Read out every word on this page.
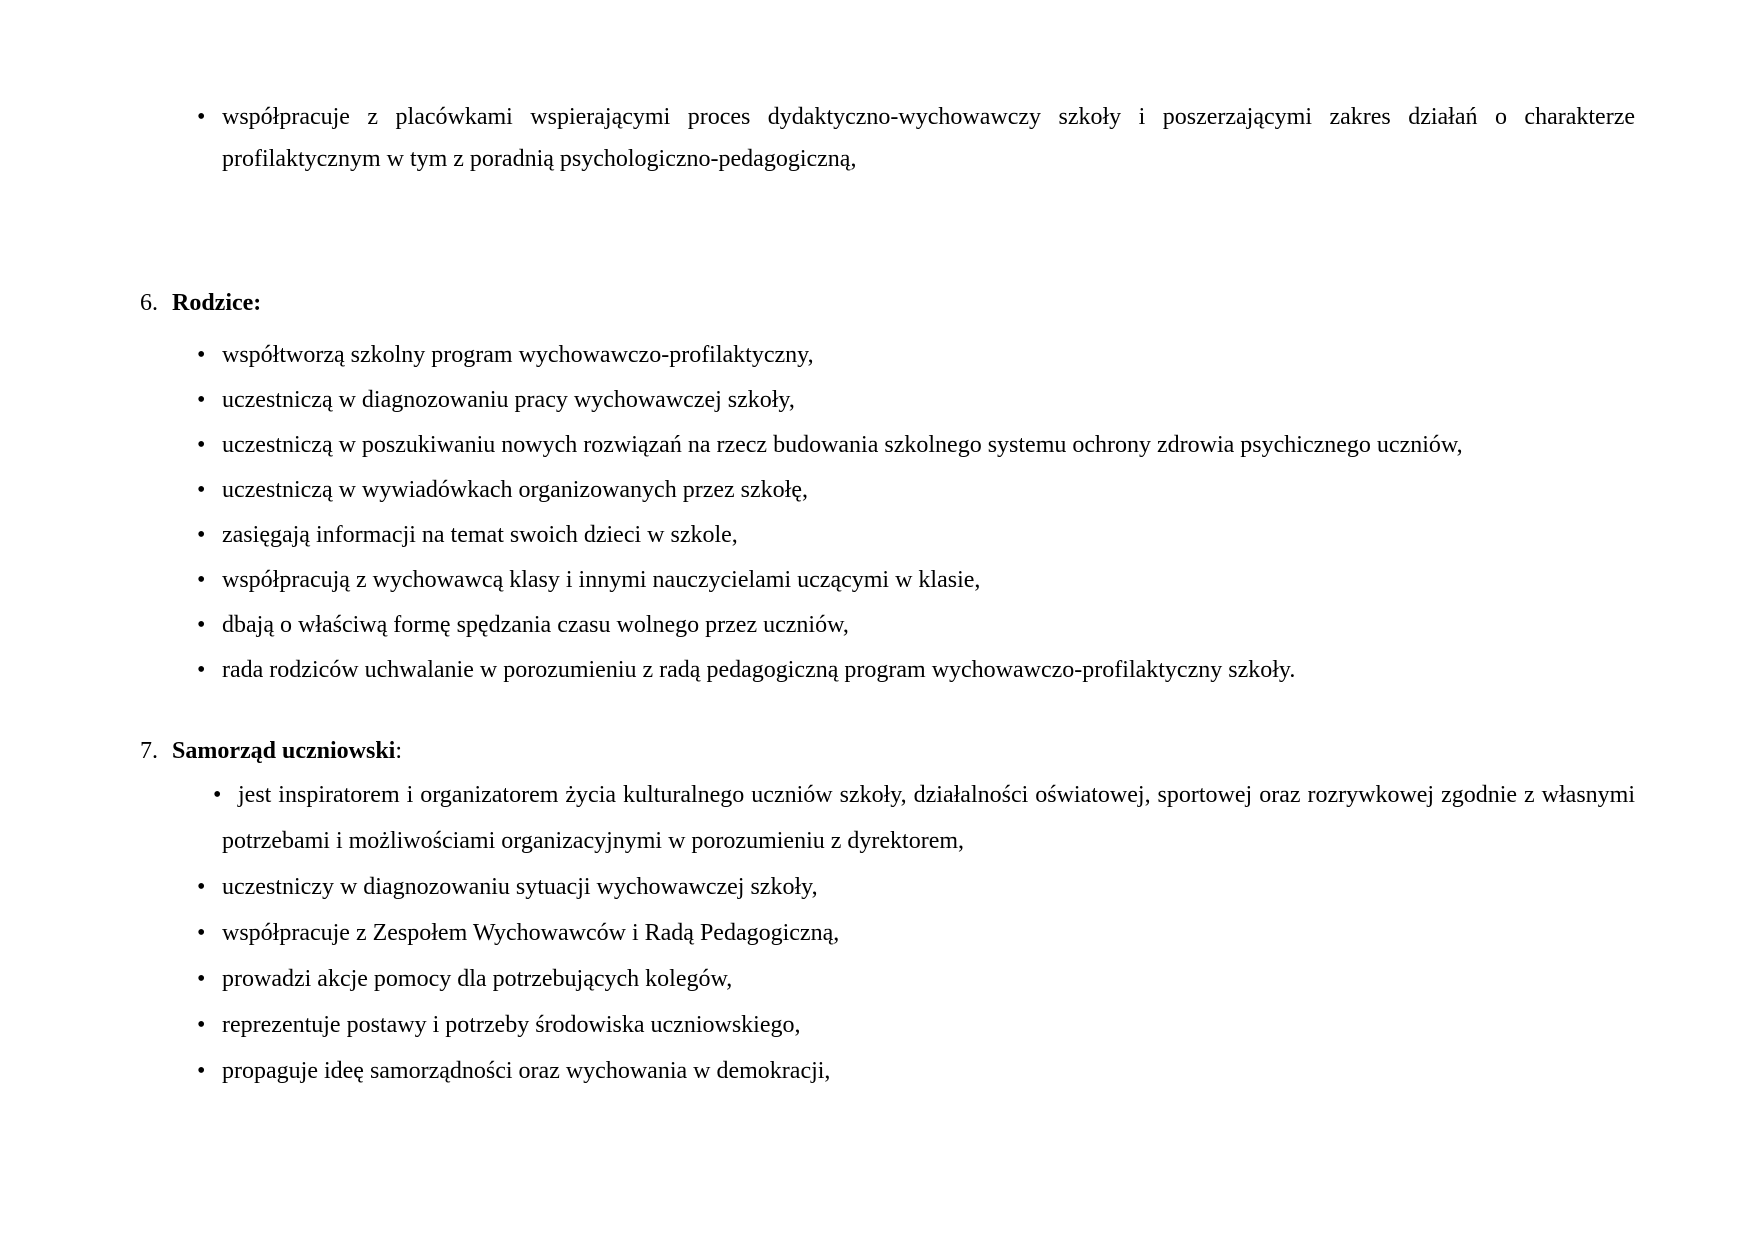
• współpracuje z placówkami wspierającymi proces dydaktyczno-wychowawczy szkoły i poszerzającymi zakres działań o charakterze profilaktycznym w tym z poradnią psychologiczno-pedagogiczną,
6. Rodzice:
• współtworzą szkolny program wychowawczo-profilaktyczny,
• uczestniczą w diagnozowaniu pracy wychowawczej szkoły,
• uczestniczą w poszukiwaniu nowych rozwiązań na rzecz budowania szkolnego systemu ochrony zdrowia psychicznego uczniów,
• uczestniczą w wywiadówkach organizowanych przez szkołę,
• zasięgają informacji na temat swoich dzieci w szkole,
• współpracują z wychowawcą klasy i innymi nauczycielami uczącymi w klasie,
• dbają o właściwą formę spędzania czasu wolnego przez uczniów,
• rada rodziców uchwalanie w porozumieniu z radą pedagogiczną program wychowawczo-profilaktyczny szkoły.
7. Samorząd uczniowski:
• jest inspiratorem i organizatorem życia kulturalnego uczniów szkoły, działalności oświatowej, sportowej oraz rozrywkowej zgodnie z własnymi potrzebami i możliwościami organizacyjnymi w porozumieniu z dyrektorem,
• uczestniczy w diagnozowaniu sytuacji wychowawczej szkoły,
• współpracuje z Zespołem Wychowawców i Radą Pedagogiczną,
• prowadzi akcje pomocy dla potrzebujących kolegów,
• reprezentuje postawy i potrzeby środowiska uczniowskiego,
• propaguje ideę samorządności oraz wychowania w demokracji,
